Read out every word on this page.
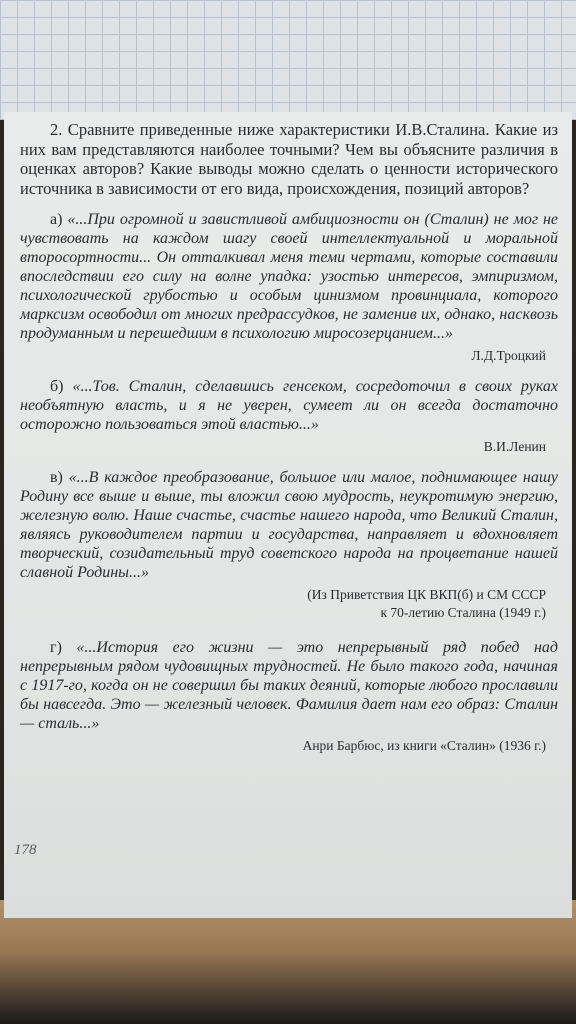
2. Сравните приведенные ниже характеристики И.В.Сталина. Какие из них вам представляются наиболее точными? Чем вы объясните различия в оценках авторов? Какие выводы можно сделать о ценности исторического источника в зависимости от его вида, происхождения, позиций авторов?

а) «...При огромной и завистливой амбициозности он (Сталин) не мог не чувствовать на каждом шагу своей интеллектуальной и моральной второсортности... Он отталкивал меня теми чертами, которые составили впоследствии его силу на волне упадка: узостью интересов, эмпиризмом, психологической грубостью и особым цинизмом провинциала, которого марксизм освободил от многих предрассудков, не заменив их, однако, насквозь продуманным и перешедшим в психологию миросозерцанием...»

Л.Д.Троцкий

б) «...Тов. Сталин, сделавшись генсеком, сосредоточил в своих руках необъятную власть, и я не уверен, сумеет ли он всегда достаточно осторожно пользоваться этой властью...»

В.И.Ленин

в) «...В каждое преобразование, большое или малое, поднимающее нашу Родину все выше и выше, ты вложил свою мудрость, неукротимую энергию, железную волю. Наше счастье, счастье нашего народа, что Великий Сталин, являясь руководителем партии и государства, направляет и вдохновляет творческий, созидательный труд советского народа на процветание нашей славной Родины...»

(Из Приветствия ЦК ВКП(б) и СМ СССР
к 70-летию Сталина (1949 г.)

г) «...История его жизни — это непрерывный ряд побед над непрерывным рядом чудовищных трудностей. Не было такого года, начиная с 1917-го, когда он не совершил бы таких деяний, которые любого прославили бы навсегда. Это — железный человек. Фамилия дает нам его образ: Сталин — сталь...»

Анри Барбюс, из книги «Сталин» (1936 г.)
178
